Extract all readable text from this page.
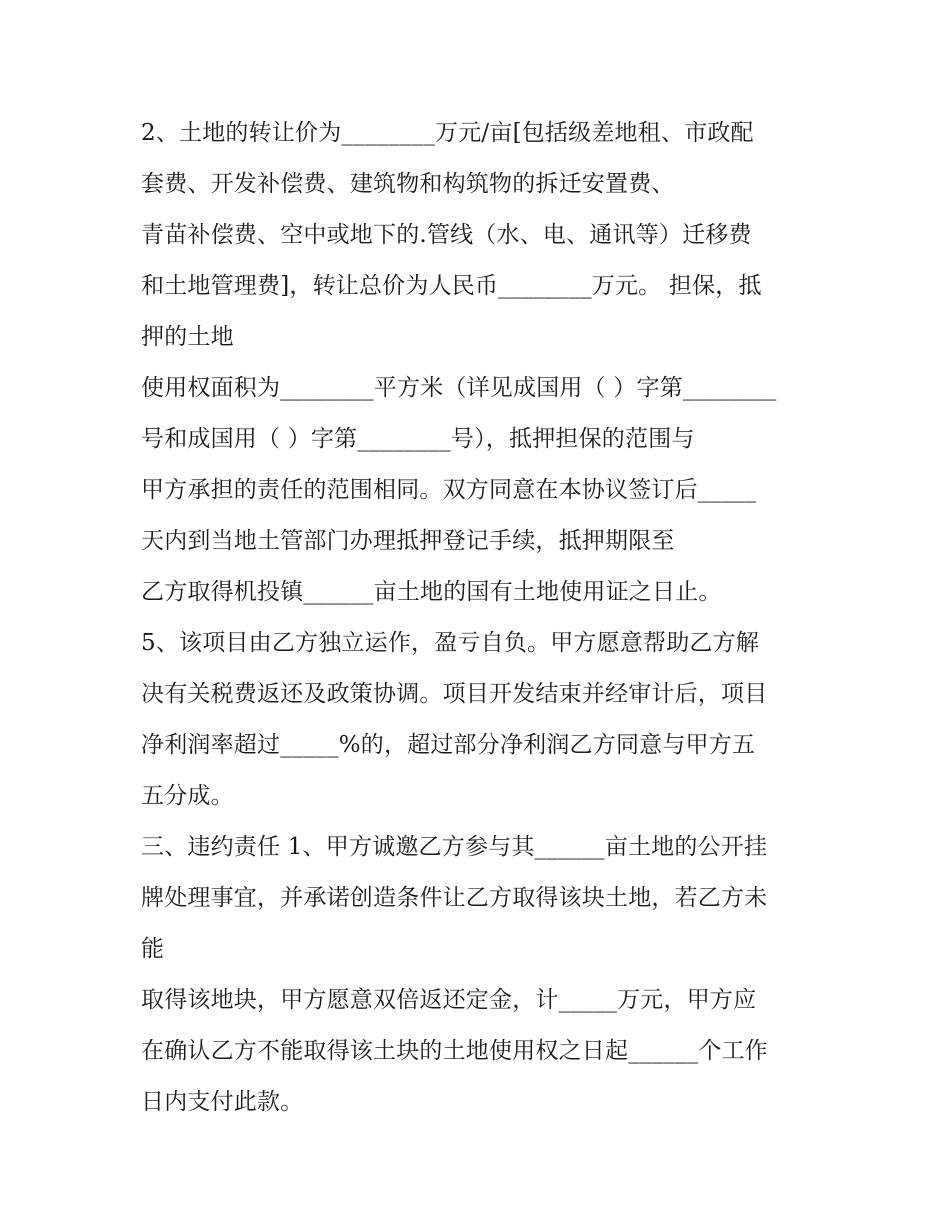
2、土地的转让价为________万元/亩[包括级差地租、市政配
套费、开发补偿费、建筑物和构筑物的拆迁安置费、
青苗补偿费、空中或地下的.管线（水、电、通讯等）迁移费
和土地管理费]，转让总价为人民币________万元。 担保，抵
押的土地
使用权面积为________平方米（详见成国用（ ）字第________
号和成国用（ ）字第________号），抵押担保的范围与
甲方承担的责任的范围相同。双方同意在本协议签订后_____
天内到当地土管部门办理抵押登记手续，抵押期限至
乙方取得机投镇______亩土地的国有土地使用证之日止。
5、该项目由乙方独立运作，盈亏自负。甲方愿意帮助乙方解
决有关税费返还及政策协调。项目开发结束并经审计后，项目
净利润率超过_____%的，超过部分净利润乙方同意与甲方五
五分成。
三、违约责任 1、甲方诚邀乙方参与其______亩土地的公开挂
牌处理事宜，并承诺创造条件让乙方取得该块土地，若乙方未
能
取得该地块，甲方愿意双倍返还定金，计_____万元，甲方应
在确认乙方不能取得该土块的土地使用权之日起______个工作
日内支付此款。
